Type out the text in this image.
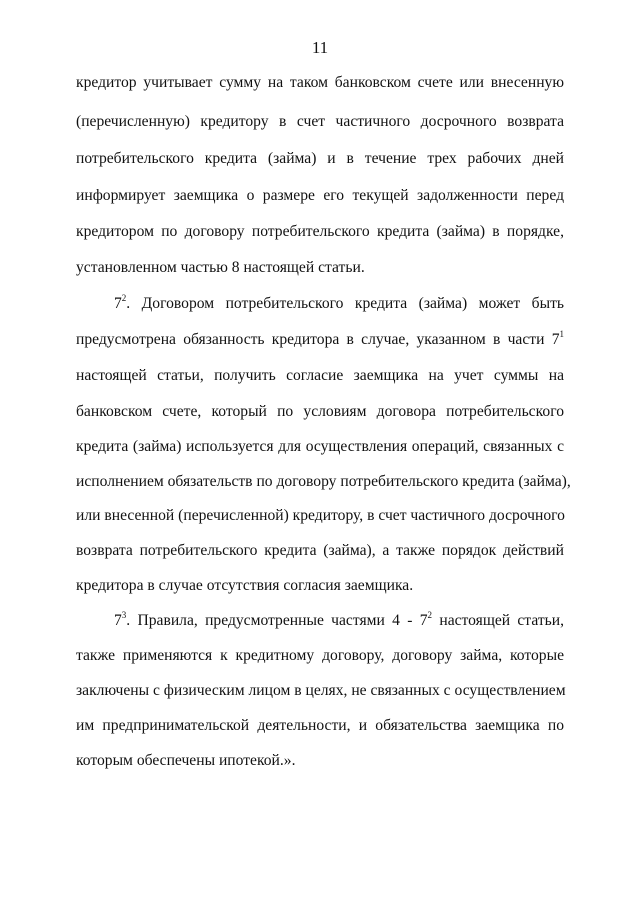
11
кредитор учитывает сумму на таком банковском счете или внесенную
(перечисленную) кредитору в счет частичного досрочного возврата
потребительского кредита (займа) и в течение трех рабочих дней
информирует заемщика о размере его текущей задолженности перед
кредитором по договору потребительского кредита (займа) в порядке,
установленном частью 8 настоящей статьи.
$7^2$. Договором потребительского кредита (займа) может быть
предусмотрена обязанность кредитора в случае, указанном в части $7^1$
настоящей статьи, получить согласие заемщика на учет суммы на
банковском счете, который по условиям договора потребительского
кредита (займа) используется для осуществления операций, связанных с
исполнением обязательств по договору потребительского кредита (займа),
или внесенной (перечисленной) кредитору, в счет частичного досрочного
возврата потребительского кредита (займа), а также порядок действий
кредитора в случае отсутствия согласия заемщика.
$7^3$. Правила, предусмотренные частями $4 - 7^2$ настоящей статьи,
также применяются к кредитному договору, договору займа, которые
заключены с физическим лицом в целях, не связанных с осуществлением
им предпринимательской деятельности, и обязательства заемщика по
которым обеспечены ипотекой.».
